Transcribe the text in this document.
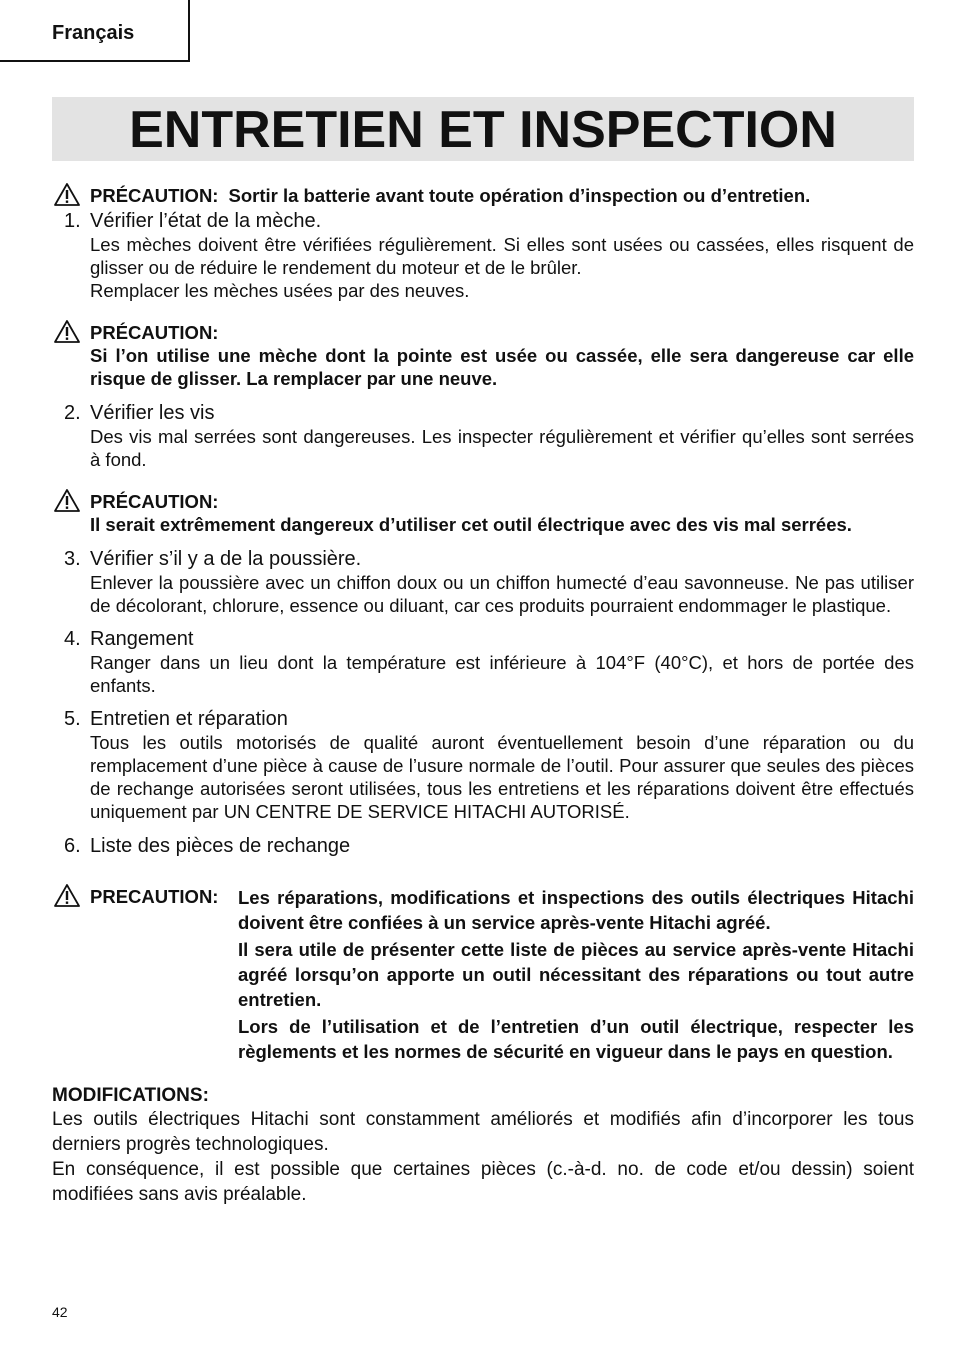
Français
ENTRETIEN ET INSPECTION
PRÉCAUTION: Sortir la batterie avant toute opération d’inspection ou d’entretien.
1. Vérifier l’état de la mèche.

Les mèches doivent être vérifiées régulièrement. Si elles sont usées ou cassées, elles risquent de glisser ou de réduire le rendement du moteur et de le brûler.

Remplacer les mèches usées par des neuves.

PRÉCAUTION:
Si l’on utilise une mèche dont la pointe est usée ou cassée, elle sera dangereuse car elle risque de glisser. La remplacer par une neuve.
2. Vérifier les vis

Des vis mal serrées sont dangereuses. Les inspecter régulièrement et vérifier qu’elles sont serrées à fond.

PRÉCAUTION:
Il serait extrêmement dangereux d’utiliser cet outil électrique avec des vis mal serrées.
3. Vérifier s’il y a de la poussière.

Enlever la poussière avec un chiffon doux ou un chiffon humecté d’eau savonneuse. Ne pas utiliser de décolorant, chlorure, essence ou diluant, car ces produits pourraient endommager le plastique.

4. Rangement

Ranger dans un lieu dont la température est inférieure à 104°F (40°C), et hors de portée des enfants.

5. Entretien et réparation

Tous les outils motorisés de qualité auront éventuellement besoin d’une réparation ou du remplacement d’une pièce à cause de l’usure normale de l’outil. Pour assurer que seules des pièces de rechange autorisées seront utilisées, tous les entretiens et les réparations doivent être effectués uniquement par UN CENTRE DE SERVICE HITACHI AUTORISÉ.

6. Liste des pièces de rechange
PRECAUTION:	Les réparations, modifications et inspections des outils électriques Hitachi doivent être confiées à un service après-vente Hitachi agréé.

Il sera utile de présenter cette liste de pièces au service après-vente Hitachi agréé lorsqu’on apporte un outil nécessitant des réparations ou tout autre entretien.

Lors de l’utilisation et de l’entretien d’un outil électrique, respecter les règlements et les normes de sécurité en vigueur dans le pays en question.

MODIFICATIONS:

Les outils électriques Hitachi sont constamment améliorés et modifiés afin d’incorporer les tous derniers progrès technologiques.

En conséquence, il est possible que certaines pièces (c.-à-d. no. de code et/ou dessin) soient modifiées sans avis préalable.

42
